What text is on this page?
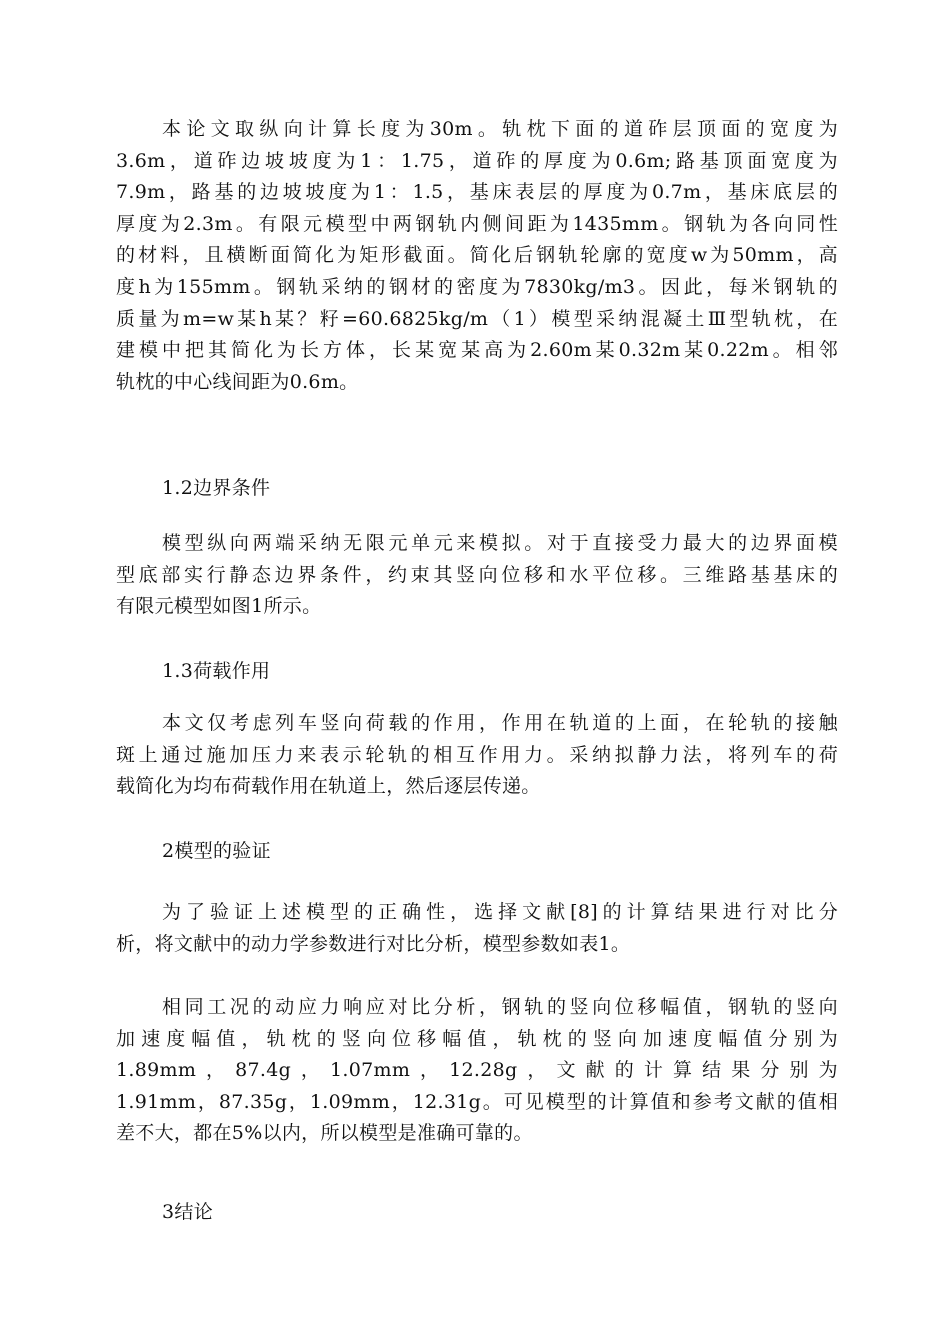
本论文取纵向计算长度为30m。轨枕下面的道砟层顶面的宽度为
3.6m，道砟边坡坡度为1：1.75，道砟的厚度为0.6m;路基顶面宽度为
7.9m，路基的边坡坡度为1：1.5，基床表层的厚度为0.7m，基床底层的
厚度为2.3m。有限元模型中两钢轨内侧间距为1435mm。钢轨为各向同性
的材料，且横断面简化为矩形截面。简化后钢轨轮廓的宽度w为50mm，高
度h为155mm。钢轨采纳的钢材的密度为7830kg/m3。因此，每米钢轨的
质量为m=w某h某？籽=60.6825kg/m（1）模型采纳混凝土Ⅲ型轨枕，在
建模中把其简化为长方体，长某宽某高为2.60m某0.32m某0.22m。相邻
轨枕的中心线间距为0.6m。
1.2边界条件
模型纵向两端采纳无限元单元来模拟。对于直接受力最大的边界面模
型底部实行静态边界条件，约束其竖向位移和水平位移。三维路基基床的
有限元模型如图1所示。
1.3荷载作用
本文仅考虑列车竖向荷载的作用，作用在轨道的上面，在轮轨的接触
斑上通过施加压力来表示轮轨的相互作用力。采纳拟静力法，将列车的荷
载简化为均布荷载作用在轨道上，然后逐层传递。
2模型的验证
为了验证上述模型的正确性，选择文献[8]的计算结果进行对比分
析，将文献中的动力学参数进行对比分析，模型参数如表1。
相同工况的动应力响应对比分析，钢轨的竖向位移幅值，钢轨的竖向
加速度幅值，轨枕的竖向位移幅值，轨枕的竖向加速度幅值分别为
1.89mm，87.4g，1.07mm，12.28g，文献的计算结果分别为
1.91mm，87.35g，1.09mm，12.31g。可见模型的计算值和参考文献的值相
差不大，都在5%以内，所以模型是准确可靠的。
3结论
